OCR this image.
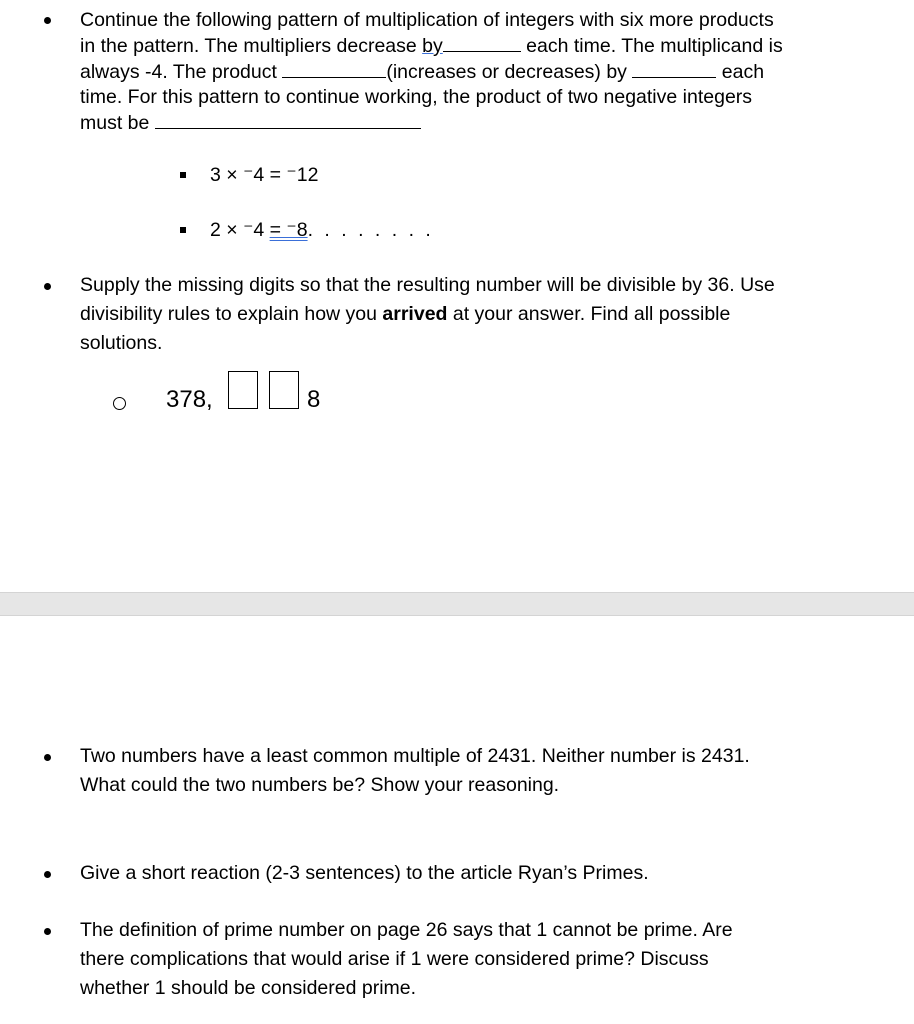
Continue the following pattern of multiplication of integers with six more products
in the pattern. The multipliers decrease by	each time. The multiplicand is
always -4. The product	(increases or decreases) by	each
time. For this pattern to continue working, the product of two negative integers
must be
3 × ⁻4 = ⁻12
2 × ⁻4 = ⁻8. . . . . . . .
Supply the missing digits so that the resulting number will be divisible by 36. Use
divisibility rules to explain how you arrived at your answer. Find all possible
solutions.
378,	8
Two numbers have a least common multiple of 2431. Neither number is 2431.
What could the two numbers be? Show your reasoning.
Give a short reaction (2-3 sentences) to the article Ryan’s Primes.
The definition of prime number on page 26 says that 1 cannot be prime. Are
there complications that would arise if 1 were considered prime? Discuss
whether 1 should be considered prime.
